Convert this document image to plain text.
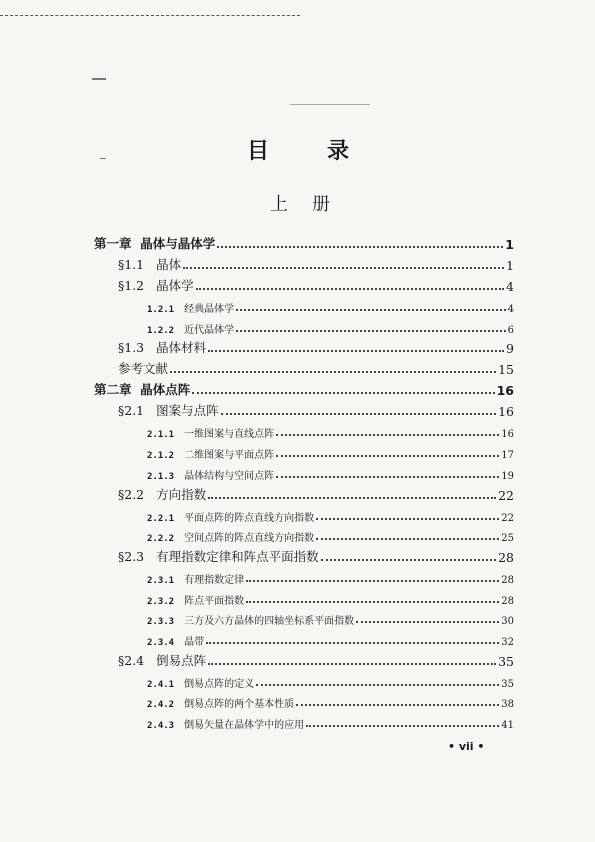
目	录
上 册
第一章 晶体与晶体学	1
§1.1 晶体	1
§1.2 晶体学	4
1.2.1 经典晶体学	4
1.2.2 近代晶体学	6
§1.3 晶体材料	9
参考文献	15
第二章 晶体点阵	16
§2.1 图案与点阵	16
2.1.1 一维图案与直线点阵	16
2.1.2 二维图案与平面点阵	17
2.1.3 晶体结构与空间点阵	19
§2.2 方向指数	22
2.2.1 平面点阵的阵点直线方向指数	22
2.2.2 空间点阵的阵点直线方向指数	25
§2.3 有理指数定律和阵点平面指数	28
2.3.1 有理指数定律	28
2.3.2 阵点平面指数	28
2.3.3 三方及六方晶体的四轴坐标系平面指数	30
2.3.4 晶带	32
§2.4 倒易点阵	35
2.4.1 倒易点阵的定义	35
2.4.2 倒易点阵的两个基本性质	38
2.4.3 倒易矢量在晶体学中的应用	41
• vii •
